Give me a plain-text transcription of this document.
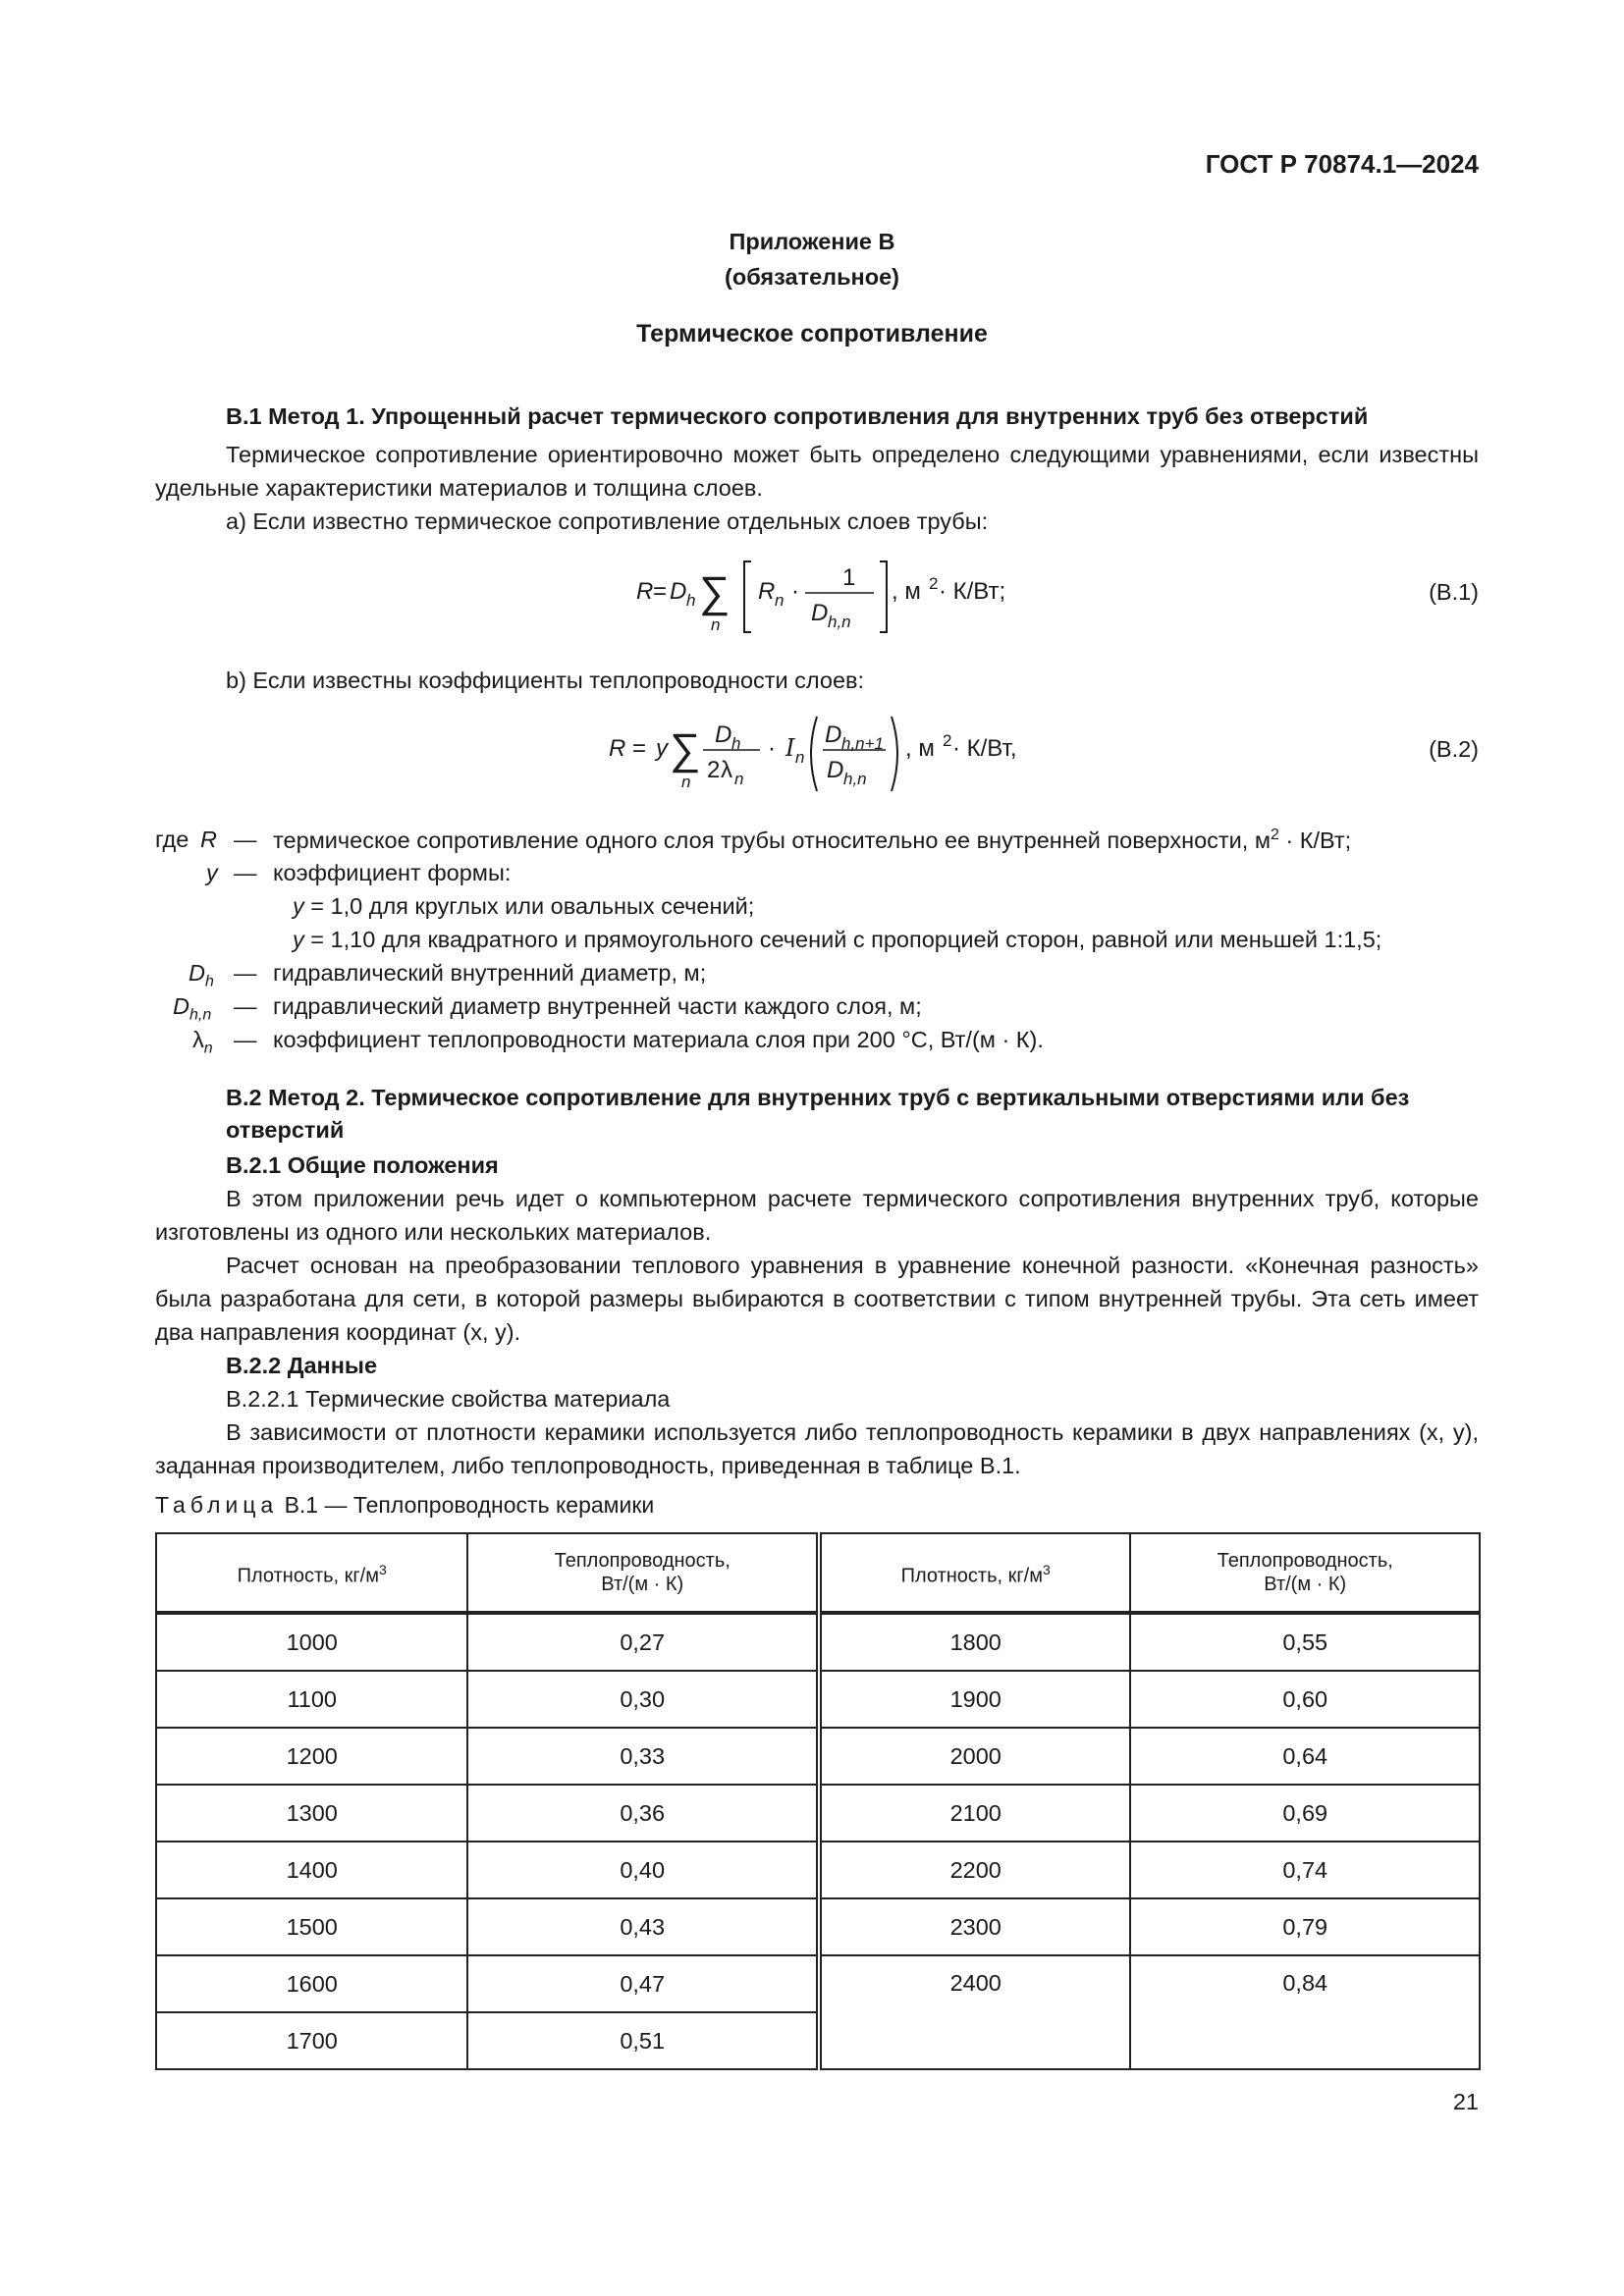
ГОСТ Р 70874.1—2024
Приложение В
(обязательное)
Термическое сопротивление
В.1 Метод 1. Упрощенный расчет термического сопротивления для внутренних труб без отверстий

Термическое сопротивление ориентировочно может быть определено следующими уравнениями, если известны удельные характеристики материалов и толщина слоев.

а) Если известно термическое сопротивление отдельных слоев трубы:

R = D h ∑
n
R n ·
1
D h,n
, м 2 · К/Вт;	(В.1)

b) Если известны коэффициенты теплопроводности слоев:

R = y ∑
n
D h
2 λ n
· I n
D h,n+1
D h,n
, м 2 · К/Вт,	(В.2)
где R — термическое сопротивление одного слоя трубы относительно ее внутренней поверхности, $м^2 \cdot К/Вт$;
y — коэффициент формы:
y = 1,0 для круглых или овальных сечений;
y = 1,10 для квадратного и прямоугольного сечений с пропорцией сторон, равной или меньшей 1:1,5;
$D_h$ — гидравлический внутренний диаметр, м;
$D_{h,n}$ — гидравлический диаметр внутренней части каждого слоя, м;
$\lambda_n$ — коэффициент теплопроводности материала слоя при 200 °С, Вт/(м · К).
В.2 Метод 2. Термическое сопротивление для внутренних труб с вертикальными отверстиями или без отверстий

В.2.1 Общие положения

В этом приложении речь идет о компьютерном расчете термического сопротивления внутренних труб, которые изготовлены из одного или нескольких материалов.

Расчет основан на преобразовании теплового уравнения в уравнение конечной разности. «Конечная разность» была разработана для сети, в которой размеры выбираются в соответствии с типом внутренней трубы. Эта сеть имеет два направления координат (x, y).

В.2.2 Данные

В.2.2.1 Термические свойства материала

В зависимости от плотности керамики используется либо теплопроводность керамики в двух направлениях (x, y), заданная производителем, либо теплопроводность, приведенная в таблице В.1.

Таблица В.1 — Теплопроводность керамики
Плотность, $кг/м^3$	Теплопроводность,
Вт/(м · К)	Плотность, $кг/м^3$	Теплопроводность,
Вт/(м · К)
1000	0,27	1800	0,55
1100	0,30	1900	0,60
1200	0,33	2000	0,64
1300	0,36	2100	0,69
1400	0,40	2200	0,74
1500	0,43	2300	0,79
1600	0,47	2400	0,84
1700	0,51		
21
